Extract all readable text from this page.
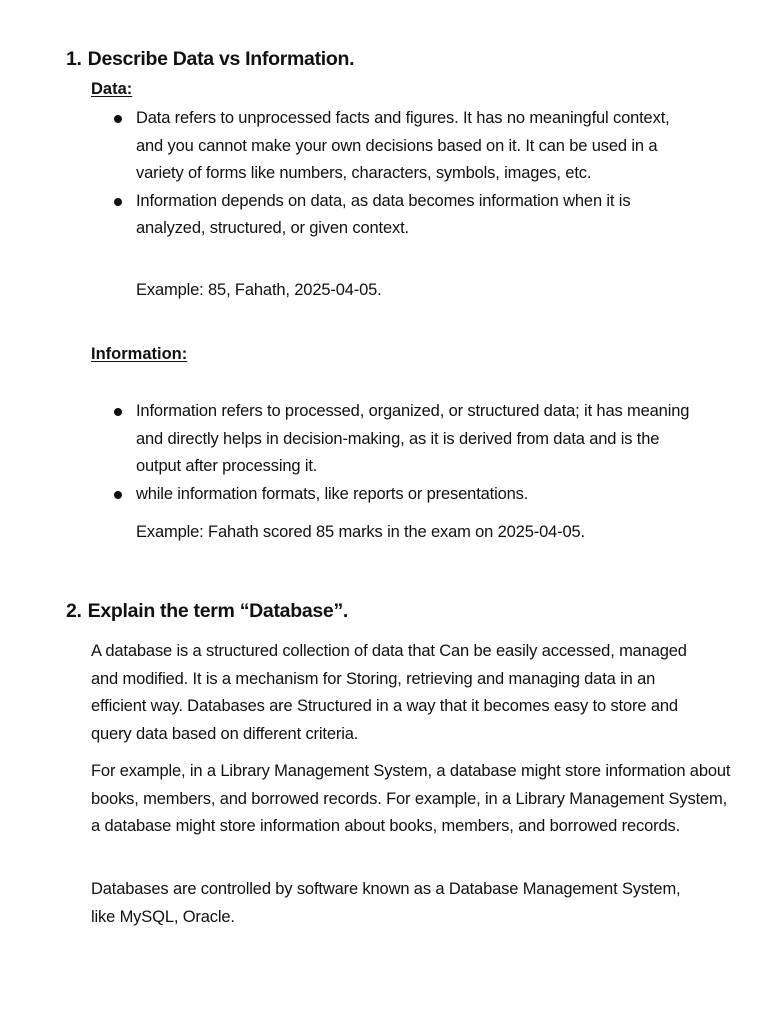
1. Describe Data vs Information.
Data:
Data refers to unprocessed facts and figures. It has no meaningful context, and you cannot make your own decisions based on it. It can be used in a variety of forms like numbers, characters, symbols, images, etc.
Information depends on data, as data becomes information when it is analyzed, structured, or given context.
Example: 85, Fahath, 2025-04-05.
Information:
Information refers to processed, organized, or structured data; it has meaning and directly helps in decision-making, as it is derived from data and is the output after processing it.
while information formats, like reports or presentations.
Example: Fahath scored 85 marks in the exam on 2025-04-05.
2. Explain the term “Database”.

A database is a structured collection of data that Can be easily accessed, managed and modified. It is a mechanism for Storing, retrieving and managing data in an efficient way. Databases are Structured in a way that it becomes easy to store and query data based on different criteria.

For example, in a Library Management System, a database might store information about books, members, and borrowed records. For example, in a Library Management System, a database might store information about books, members, and borrowed records.

Databases are controlled by software known as a Database Management System, like MySQL, Oracle.
